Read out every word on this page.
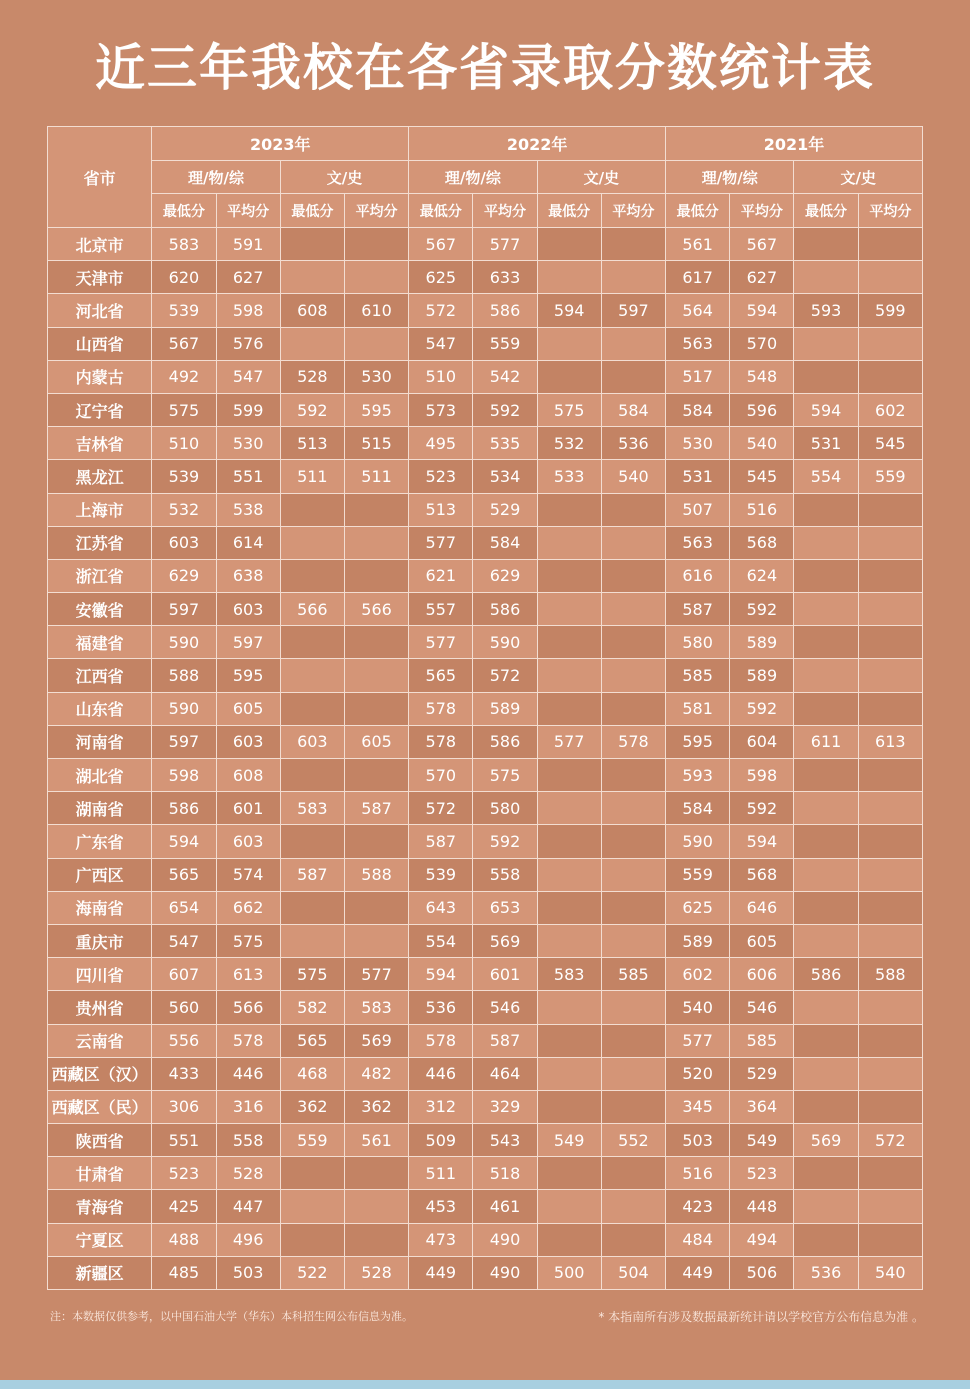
近三年我校在各省录取分数统计表
省市	2023年				2022年				2021年			
	理/物/综		文/史		理/物/综		文/史		理/物/综		文/史	
	最低分	平均分	最低分	平均分	最低分	平均分	最低分	平均分	最低分	平均分	最低分	平均分
北京市	583	591			567	577			561	567		
天津市	620	627			625	633			617	627		
河北省	539	598	608	610	572	586	594	597	564	594	593	599
山西省	567	576			547	559			563	570		
内蒙古	492	547	528	530	510	542			517	548		
辽宁省	575	599	592	595	573	592	575	584	584	596	594	602
吉林省	510	530	513	515	495	535	532	536	530	540	531	545
黑龙江	539	551	511	511	523	534	533	540	531	545	554	559
上海市	532	538			513	529			507	516		
江苏省	603	614			577	584			563	568		
浙江省	629	638			621	629			616	624		
安徽省	597	603	566	566	557	586			587	592		
福建省	590	597			577	590			580	589		
江西省	588	595			565	572			585	589		
山东省	590	605			578	589			581	592		
河南省	597	603	603	605	578	586	577	578	595	604	611	613
湖北省	598	608			570	575			593	598		
湖南省	586	601	583	587	572	580			584	592		
广东省	594	603			587	592			590	594		
广西区	565	574	587	588	539	558			559	568		
海南省	654	662			643	653			625	646		
重庆市	547	575			554	569			589	605		
四川省	607	613	575	577	594	601	583	585	602	606	586	588
贵州省	560	566	582	583	536	546			540	546		
云南省	556	578	565	569	578	587			577	585		
西藏区（汉）	433	446	468	482	446	464			520	529		
西藏区（民）	306	316	362	362	312	329			345	364		
陕西省	551	558	559	561	509	543	549	552	503	549	569	572
甘肃省	523	528			511	518			516	523		
青海省	425	447			453	461			423	448		
宁夏区	488	496			473	490			484	494		
新疆区	485	503	522	528	449	490	500	504	449	506	536	540
注：本数据仅供参考，以中国石油大学（华东）本科招生网公布信息为准。	* 本指南所有涉及数据最新统计请以学校官方公布信息为准 。
